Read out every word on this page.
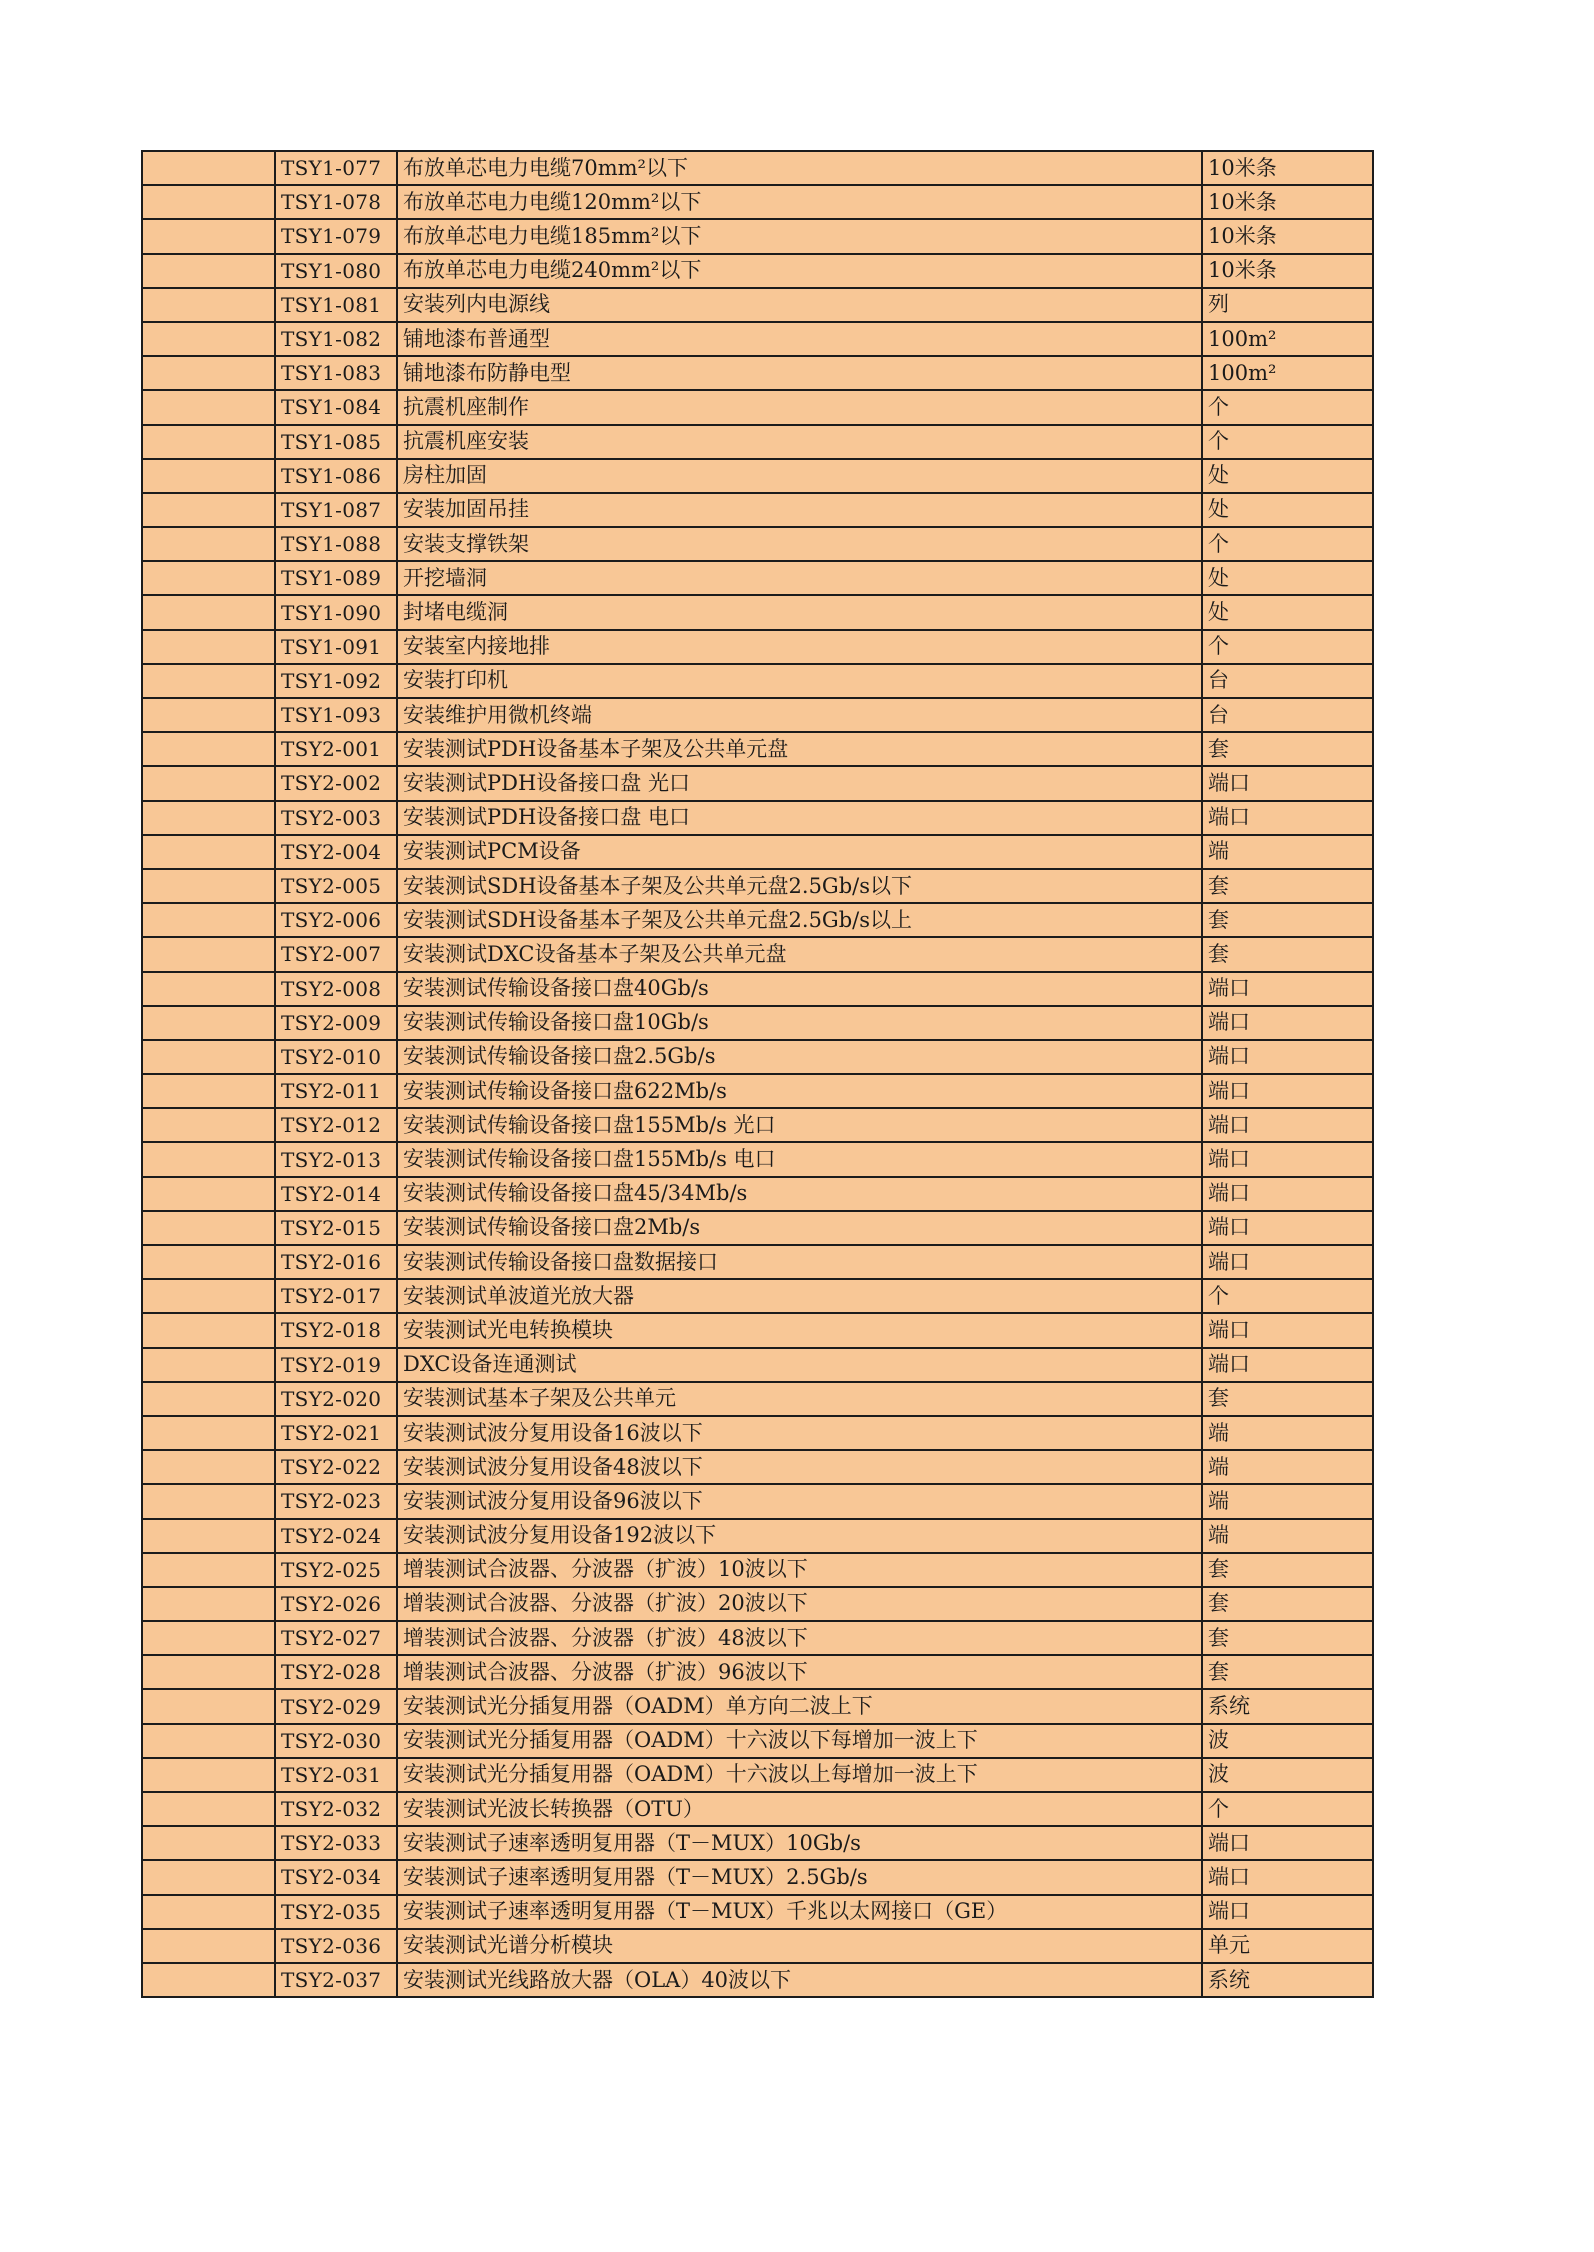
	TSY1-077	布放单芯电力电缆70mm²以下	10米条
	TSY1-078	布放单芯电力电缆120mm²以下	10米条
	TSY1-079	布放单芯电力电缆185mm²以下	10米条
	TSY1-080	布放单芯电力电缆240mm²以下	10米条
	TSY1-081	安装列内电源线	列
	TSY1-082	铺地漆布普通型	100m²
	TSY1-083	铺地漆布防静电型	100m²
	TSY1-084	抗震机座制作	个
	TSY1-085	抗震机座安装	个
	TSY1-086	房柱加固	处
	TSY1-087	安装加固吊挂	处
	TSY1-088	安装支撑铁架	个
	TSY1-089	开挖墙洞	处
	TSY1-090	封堵电缆洞	处
	TSY1-091	安装室内接地排	个
	TSY1-092	安装打印机	台
	TSY1-093	安装维护用微机终端	台
	TSY2-001	安装测试PDH设备基本子架及公共单元盘	套
	TSY2-002	安装测试PDH设备接口盘 光口	端口
	TSY2-003	安装测试PDH设备接口盘 电口	端口
	TSY2-004	安装测试PCM设备	端
	TSY2-005	安装测试SDH设备基本子架及公共单元盘2.5Gb/s以下	套
	TSY2-006	安装测试SDH设备基本子架及公共单元盘2.5Gb/s以上	套
	TSY2-007	安装测试DXC设备基本子架及公共单元盘	套
	TSY2-008	安装测试传输设备接口盘40Gb/s	端口
	TSY2-009	安装测试传输设备接口盘10Gb/s	端口
	TSY2-010	安装测试传输设备接口盘2.5Gb/s	端口
	TSY2-011	安装测试传输设备接口盘622Mb/s	端口
	TSY2-012	安装测试传输设备接口盘155Mb/s 光口	端口
	TSY2-013	安装测试传输设备接口盘155Mb/s 电口	端口
	TSY2-014	安装测试传输设备接口盘45/34Mb/s	端口
	TSY2-015	安装测试传输设备接口盘2Mb/s	端口
	TSY2-016	安装测试传输设备接口盘数据接口	端口
	TSY2-017	安装测试单波道光放大器	个
	TSY2-018	安装测试光电转换模块	端口
	TSY2-019	DXC设备连通测试	端口
	TSY2-020	安装测试基本子架及公共单元	套
	TSY2-021	安装测试波分复用设备16波以下	端
	TSY2-022	安装测试波分复用设备48波以下	端
	TSY2-023	安装测试波分复用设备96波以下	端
	TSY2-024	安装测试波分复用设备192波以下	端
	TSY2-025	增装测试合波器、分波器（扩波）10波以下	套
	TSY2-026	增装测试合波器、分波器（扩波）20波以下	套
	TSY2-027	增装测试合波器、分波器（扩波）48波以下	套
	TSY2-028	增装测试合波器、分波器（扩波）96波以下	套
	TSY2-029	安装测试光分插复用器（OADM）单方向二波上下	系统
	TSY2-030	安装测试光分插复用器（OADM）十六波以下每增加一波上下	波
	TSY2-031	安装测试光分插复用器（OADM）十六波以上每增加一波上下	波
	TSY2-032	安装测试光波长转换器（OTU）	个
	TSY2-033	安装测试子速率透明复用器（T－MUX）10Gb/s	端口
	TSY2-034	安装测试子速率透明复用器（T－MUX）2.5Gb/s	端口
	TSY2-035	安装测试子速率透明复用器（T－MUX）千兆以太网接口（GE）	端口
	TSY2-036	安装测试光谱分析模块	单元
	TSY2-037	安装测试光线路放大器（OLA）40波以下	系统
